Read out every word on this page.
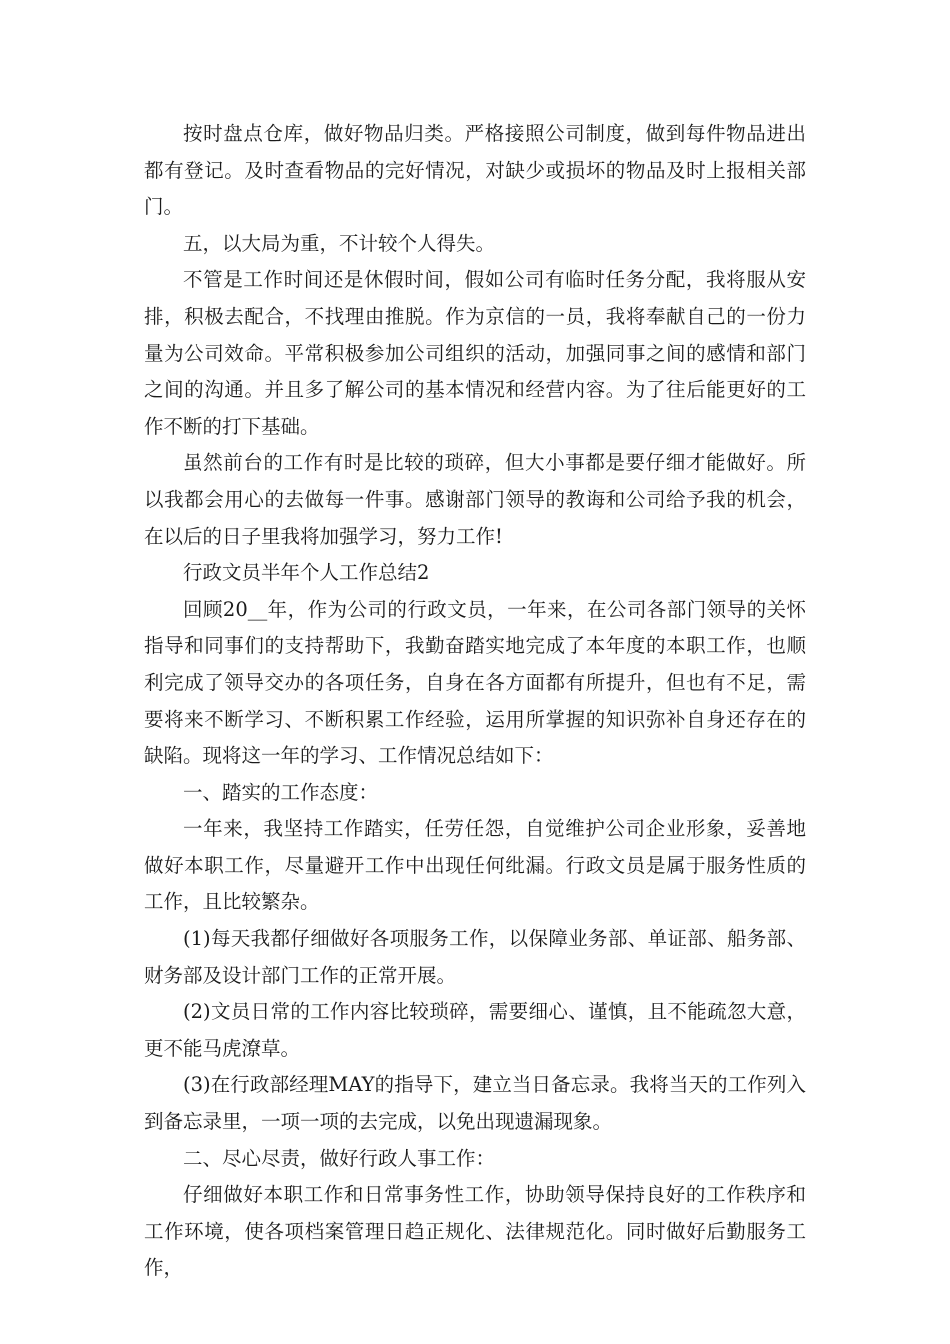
按时盘点仓库，做好物品归类。严格接照公司制度，做到每件物品进出都有登记。及时查看物品的完好情况，对缺少或损坏的物品及时上报相关部门。

五，以大局为重，不计较个人得失。

不管是工作时间还是休假时间，假如公司有临时任务分配，我将服从安排，积极去配合，不找理由推脱。作为京信的一员，我将奉献自己的一份力量为公司效命。平常积极参加公司组织的活动，加强同事之间的感情和部门之间的沟通。并且多了解公司的基本情况和经营内容。为了往后能更好的工作不断的打下基础。

虽然前台的工作有时是比较的琐碎，但大小事都是要仔细才能做好。所以我都会用心的去做每一件事。感谢部门领导的教诲和公司给予我的机会，在以后的日子里我将加强学习，努力工作!

行政文员半年个人工作总结2

回顾20__年，作为公司的行政文员，一年来，在公司各部门领导的关怀指导和同事们的支持帮助下，我勤奋踏实地完成了本年度的本职工作，也顺利完成了领导交办的各项任务，自身在各方面都有所提升，但也有不足，需要将来不断学习、不断积累工作经验，运用所掌握的知识弥补自身还存在的缺陷。现将这一年的学习、工作情况总结如下：

一、踏实的工作态度：

一年来，我坚持工作踏实，任劳任怨，自觉维护公司企业形象，妥善地做好本职工作，尽量避开工作中出现任何纰漏。行政文员是属于服务性质的工作，且比较繁杂。

(1)每天我都仔细做好各项服务工作，以保障业务部、单证部、船务部、财务部及设计部门工作的正常开展。

(2)文员日常的工作内容比较琐碎，需要细心、谨慎，且不能疏忽大意，更不能马虎潦草。

(3)在行政部经理MAY的指导下，建立当日备忘录。我将当天的工作列入到备忘录里，一项一项的去完成，以免出现遗漏现象。

二、尽心尽责，做好行政人事工作：

仔细做好本职工作和日常事务性工作，协助领导保持良好的工作秩序和工作环境，使各项档案管理日趋正规化、法律规范化。同时做好后勤服务工作，
